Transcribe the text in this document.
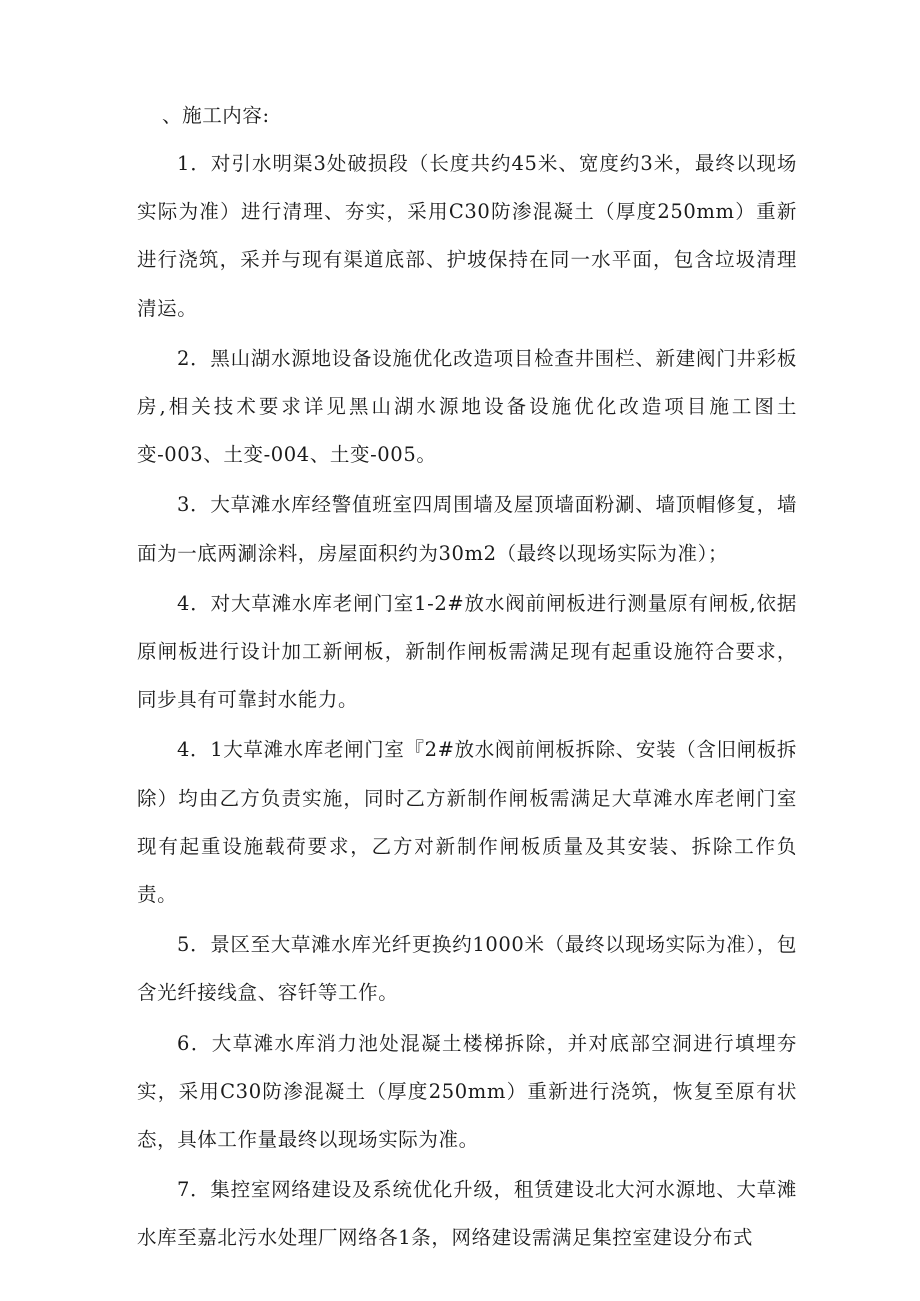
、施工内容:

1．对引水明渠3处破损段（长度共约45米、宽度约3米，最终以现场实际为准）进行清理、夯实，采用C30防渗混凝土（厚度250mm）重新进行浇筑，采并与现有渠道底部、护坡保持在同一水平面，包含垃圾清理清运。

2．黑山湖水源地设备设施优化改造项目检查井围栏、新建阀门井彩板房,相关技术要求详见黑山湖水源地设备设施优化改造项目施工图土变-003、土变-004、土变-005。

3．大草滩水库经警值班室四周围墙及屋顶墙面粉涮、墙顶帽修复，墙面为一底两涮涂料，房屋面积约为30m2（最终以现场实际为准）；

4．对大草滩水库老闸门室1-2#放水阀前闸板进行测量原有闸板,依据原闸板进行设计加工新闸板，新制作闸板需满足现有起重设施符合要求，同步具有可靠封水能力。

4．1大草滩水库老闸门室『2#放水阀前闸板拆除、安装（含旧闸板拆除）均由乙方负责实施，同时乙方新制作闸板需满足大草滩水库老闸门室现有起重设施载荷要求，乙方对新制作闸板质量及其安装、拆除工作负责。

5．景区至大草滩水库光纤更换约1000米（最终以现场实际为准），包含光纤接线盒、容钎等工作。

6．大草滩水库消力池处混凝土楼梯拆除，并对底部空洞进行填埋夯实，采用C30防渗混凝土（厚度250mm）重新进行浇筑，恢复至原有状态，具体工作量最终以现场实际为准。

7．集控室网络建设及系统优化升级，租赁建设北大河水源地、大草滩水库至嘉北污水处理厂网络各1条，网络建设需满足集控室建设分布式
